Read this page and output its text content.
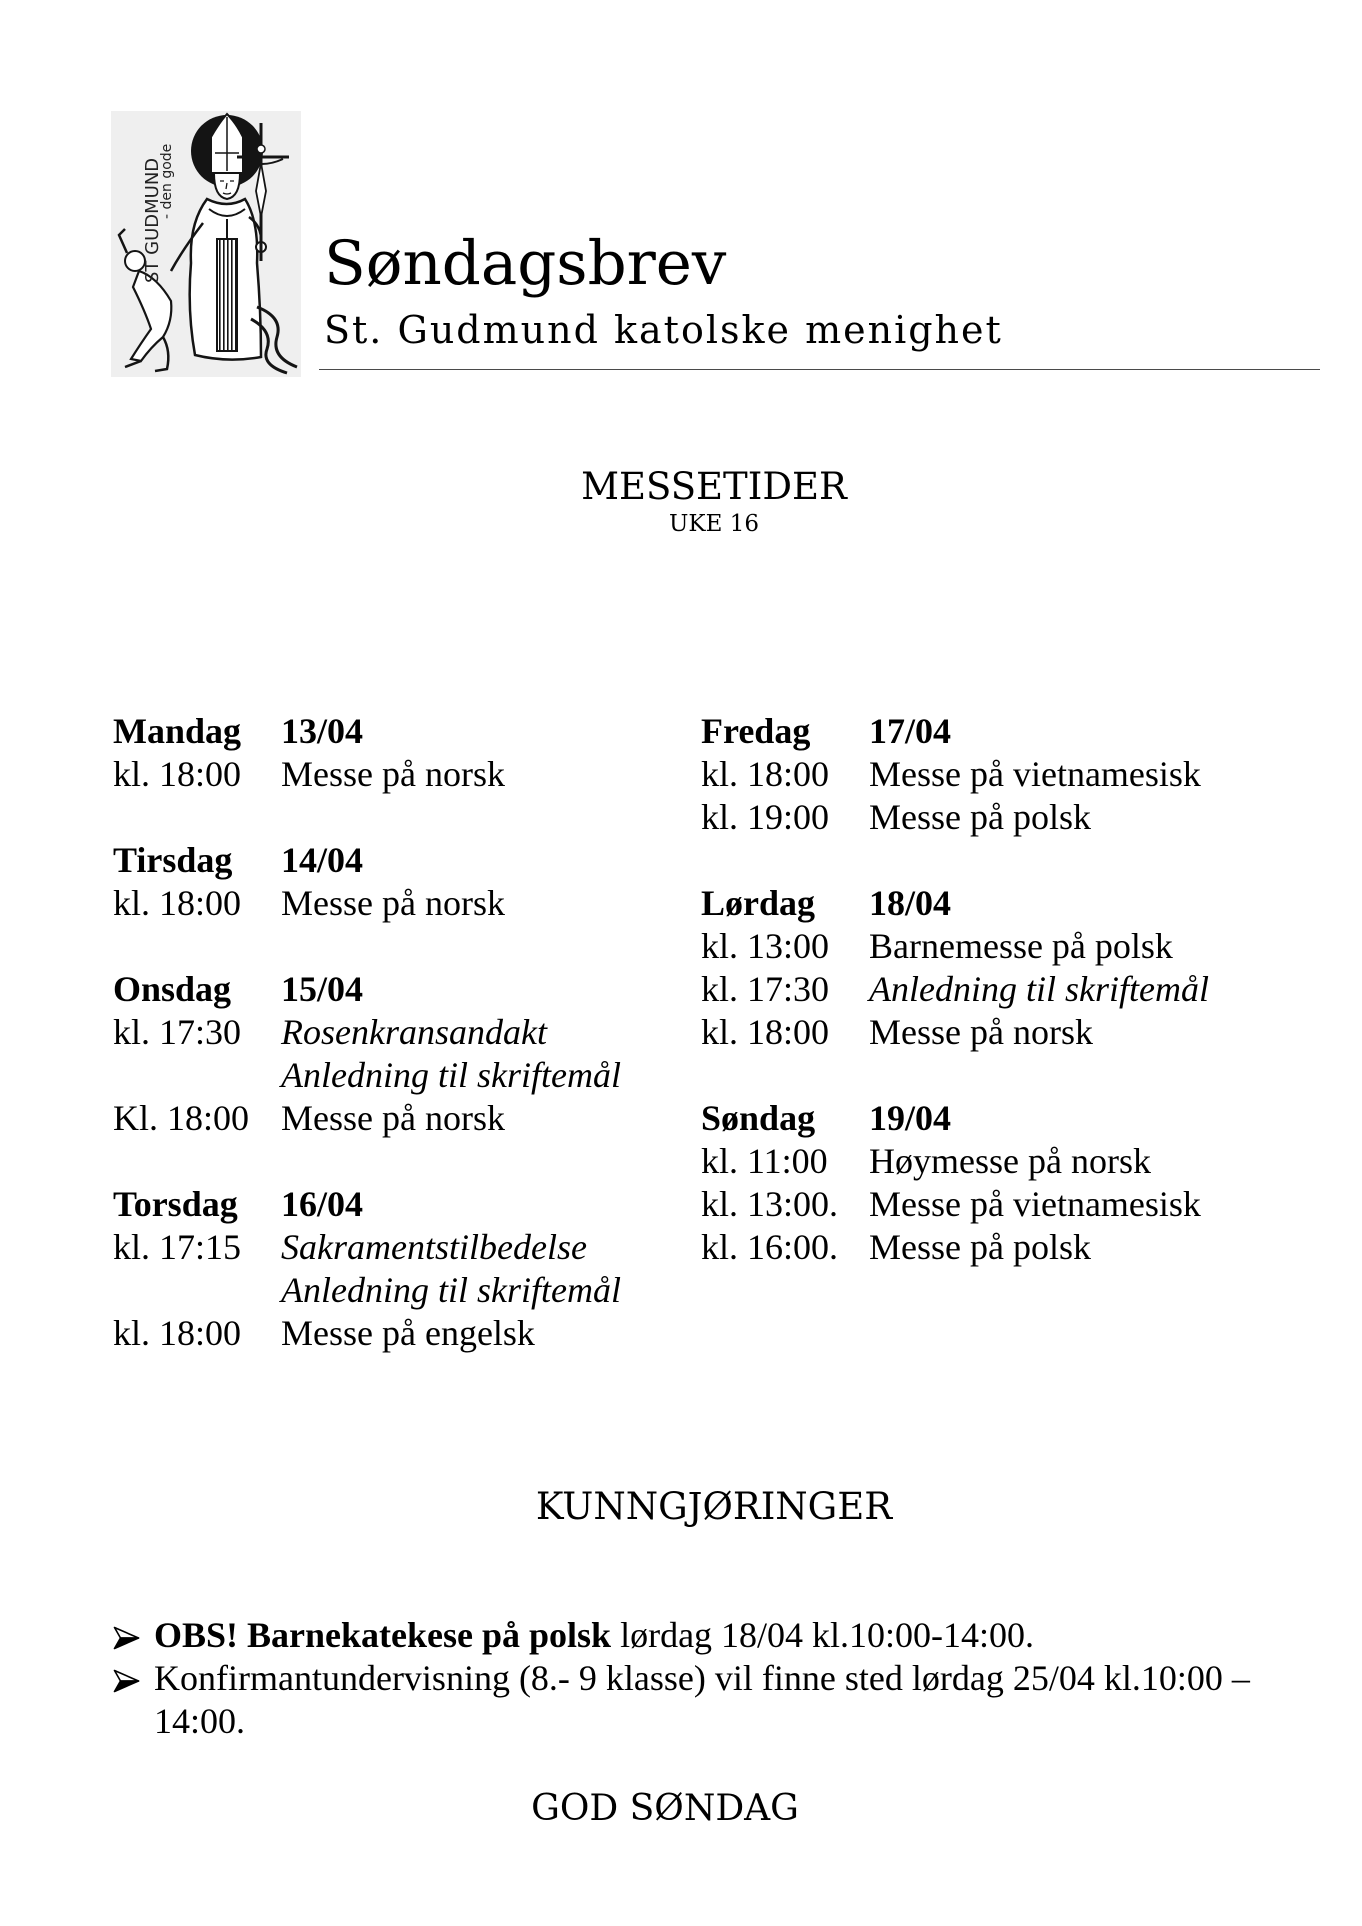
ST GUDMUND
- den gode
Søndagsbrev
St. Gudmund katolske menighet
MESSETIDER
UKE 16
Mandag 13/04
kl. 18:00 Messe på norsk
Tirsdag 14/04
kl. 18:00 Messe på norsk
Onsdag 15/04
kl. 17:30 Rosenkransandakt
Anledning til skriftemål
Kl. 18:00 Messe på norsk
Torsdag 16/04
kl. 17:15 Sakramentstilbedelse
Anledning til skriftemål
kl. 18:00 Messe på engelsk
Fredag 17/04
kl. 18:00 Messe på vietnamesisk
kl. 19:00 Messe på polsk
Lørdag 18/04
kl. 13:00 Barnemesse på polsk
kl. 17:30 Anledning til skriftemål
kl. 18:00 Messe på norsk
Søndag 19/04
kl. 11:00 Høymesse på norsk
kl. 13:00. Messe på vietnamesisk
kl. 16:00. Messe på polsk
KUNNGJØRINGER
OBS! Barnekatekese på polsk lørdag 18/04 kl.10:00-14:00.
Konfirmantundervisning (8.- 9 klasse) vil finne sted lørdag 25/04 kl.10:00 –
14:00.
GOD SØNDAG
